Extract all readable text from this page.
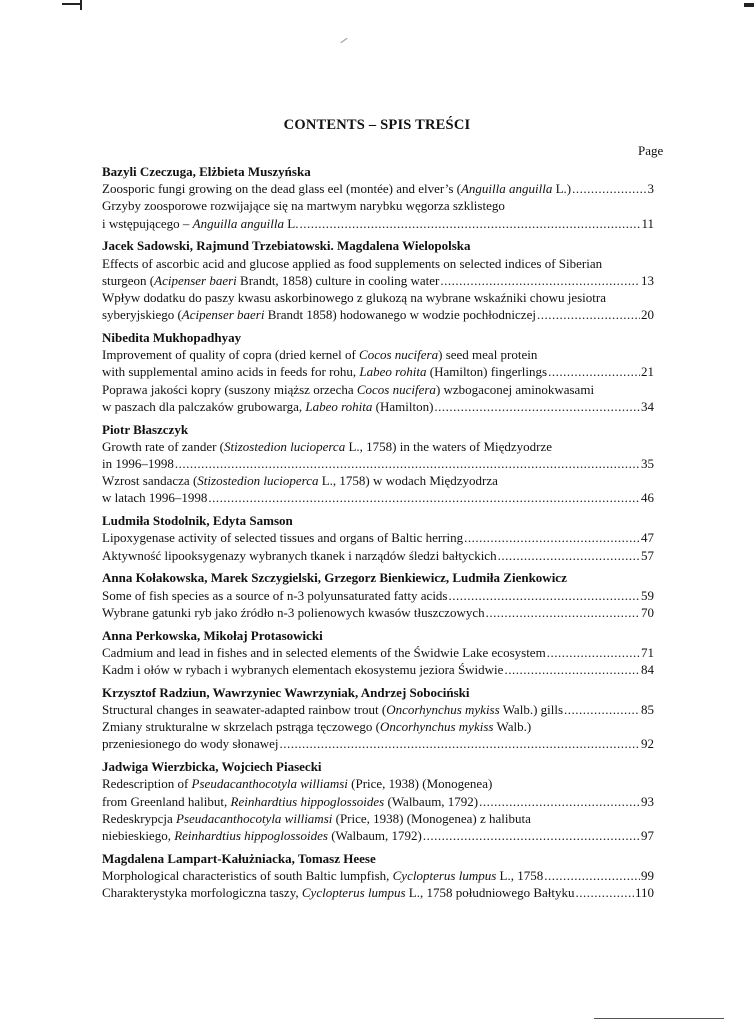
CONTENTS – SPIS TREŚCI
Page
Bazyli Czeczuga, Elżbieta Muszyńska
Zoosporic fungi growing on the dead glass eel (montée) and elver’s (Anguilla anguilla L.) .....	3
Grzyby zoosporowe rozwijające się na martwym narybku węgorza szklistego
i wstępującego – Anguilla anguilla L. .....	11
Jacek Sadowski, Rajmund Trzebiatowski. Magdalena Wielopolska
Effects of ascorbic acid and glucose applied as food supplements on selected indices of Siberian
sturgeon (Acipenser baeri Brandt, 1858) culture in cooling water .....	13
Wpływ dodatku do paszy kwasu askorbinowego z glukozą na wybrane wskaźniki chowu jesiotra
syberyjskiego (Acipenser baeri Brandt 1858) hodowanego w wodzie pochłodniczej .....	20
Nibedita Mukhopadhyay
Improvement of quality of copra (dried kernel of Cocos nucifera) seed meal protein
with supplemental amino acids in feeds for rohu, Labeo rohita (Hamilton) fingerlings .....	21
Poprawa jakości kopry (suszony miąższ orzecha Cocos nucifera) wzbogaconej aminokwasami
w paszach dla palczaków grubowarga, Labeo rohita (Hamilton) .....	34
Piotr Błaszczyk
Growth rate of zander (Stizostedion lucioperca L., 1758) in the waters of Międzyodrze
in 1996–1998 .....	35
Wzrost sandacza (Stizostedion lucioperca L., 1758) w wodach Międzyodrza
w latach 1996–1998 .....	46
Ludmiła Stodolnik, Edyta Samson
Lipoxygenase activity of selected tissues and organs of Baltic herring .....	47
Aktywność lipooksygenazy wybranych tkanek i narządów śledzi bałtyckich .....	57
Anna Kołakowska, Marek Szczygielski, Grzegorz Bienkiewicz, Ludmiła Zienkowicz
Some of fish species as a source of n-3 polyunsaturated fatty acids .....	59
Wybrane gatunki ryb jako źródło n-3 polienowych kwasów tłuszczowych .....	70
Anna Perkowska, Mikołaj Protasowicki
Cadmium and lead in fishes and in selected elements of the Świdwie Lake ecosystem .....	71
Kadm i ołów w rybach i wybranych elementach ekosystemu jeziora Świdwie .....	84
Krzysztof Radziun, Wawrzyniec Wawrzyniak, Andrzej Sobociński
Structural changes in seawater-adapted rainbow trout (Oncorhynchus mykiss Walb.) gills .....	85
Zmiany strukturalne w skrzelach pstrąga tęczowego (Oncorhynchus mykiss Walb.)
przeniesionego do wody słonawej .....	92
Jadwiga Wierzbicka, Wojciech Piasecki
Redescription of Pseudacanthocotyla williamsi (Price, 1938) (Monogenea)
from Greenland halibut, Reinhardtius hippoglossoides (Walbaum, 1792) .....	93
Redeskrypcja Pseudacanthocotyla williamsi (Price, 1938) (Monogenea) z halibuta
niebieskiego, Reinhardtius hippoglossoides (Walbaum, 1792) .....	97
Magdalena Lampart-Kałużniacka, Tomasz Heese
Morphological characteristics of south Baltic lumpfish, Cyclopterus lumpus L., 1758 .....	99
Charakterystyka morfologiczna taszy, Cyclopterus lumpus L., 1758 południowego Bałtyku .....	110
